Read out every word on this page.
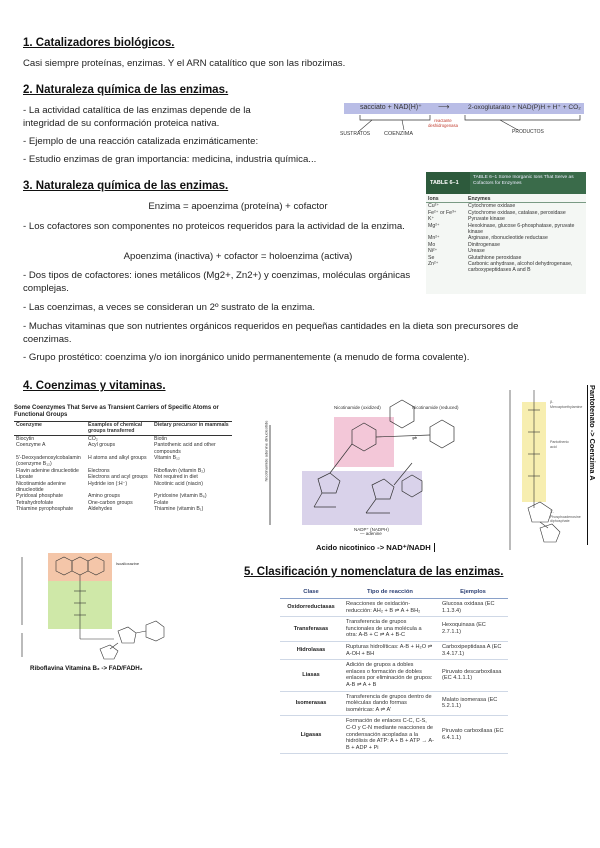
1. Catalizadores biológicos.

Casi siempre proteínas, enzimas. Y el ARN catalítico que son las ribozimas.

2. Naturaleza química de las enzimas.

- La actividad catalítica de las enzimas depende de la

integridad de su conformación proteica nativa.

- Ejemplo de una reacción catalizada enzimáticamente:

- Estudio enzimas de gran importancia: medicina, industria química...

sacciato + NAD(H)⁺ ⟶	2-oxoglutarato + NAD(P)H + H⁺ + CO₂
SUSTRATOS	COENZIMA
reactante deshidrogenasa
PRODUCTOS
TABLE 6–1
TABLE 6–1 Some Inorganic Ions That Serve as Cofactors for Enzymes
Ions	Enzymes
Cu²⁺	Cytochrome oxidase
Fe²⁺ or Fe³⁺	Cytochrome oxidase, catalase, peroxidase
K⁺	Pyruvate kinase
Mg²⁺	Hexokinase, glucose 6-phosphatase, pyruvate kinase
Mn²⁺	Arginase, ribonucleotide reductase
Mo	Dinitrogenase
Ni²⁺	Urease
Se	Glutathione peroxidase
Zn²⁺	Carbonic anhydrase, alcohol dehydrogenase, carboxypeptidases A and B
3. Naturaleza química de las enzimas.

Enzima = apoenzima (proteína) + cofactor

- Los cofactores son componentes no proteicos requeridos para la actividad de la enzima.

Apoenzima (inactiva) + cofactor = holoenzima (activa)

- Dos tipos de cofactores: iones metálicos (Mg2+, Zn2+) y coenzimas, moléculas orgánicas complejas.

- Las coenzimas, a veces se consideran un 2º sustrato de la enzima.

- Muchas vitaminas que son nutrientes orgánicos requeridos en pequeñas cantidades en la dieta son precursores de coenzimas.

- Grupo prostético: coenzima y/o ion inorgánico unido permanentemente (a menudo de forma covalente).

4. Coenzimas y vitaminas.
Some Coenzymes That Serve as Transient Carriers of Specific Atoms or Functional Groups
Coenzyme	Examples of chemical groups transferred	Dietary precursor in mammals
Biocytin	CO₂	Biotin
Coenzyme A	Acyl groups	Pantothenic acid and other compounds
5'-Deoxyadenosylcobalamin (coenzyme B₁₂)	H atoms and alkyl groups	Vitamin B₁₂
Flavin adenine dinucleotide	Electrons	Riboflavin (vitamin B₂)
Lipoate	Electrons and acyl groups	Not required in diet
Nicotinamide adenine dinucleotide	Hydride ion (:H⁻)	Nicotinic acid (niacin)
Pyridoxal phosphate	Amino groups	Pyridoxine (vitamin B₆)
Tetrahydrofolate	One-carbon groups	Folate
Thiamine pyrophosphate	Aldehydes	Thiamine (vitamin B₁)
⇌
— adenine
Nicotinamide (oxidized)	Nicotinamide (reduced)
Nicotinamide adenine dinucleotide
NADP⁺ (NADPH)
Acido nicotinico -> NAD⁺/NADH
β-Mercaptoethylamine
Pantothenic acid
3'-Phosphoadenosine diphosphate
Pantotenato -> Coenzima A
Isoalloxazine
Riboflavina Vitamina B₂ -> FAD/FADH₂
5. Clasificación y nomenclatura de las enzimas.
Clase	Tipo de reacción	Ejemplos
Oxidorreductasas	Reacciones de oxidación-reducción: AH₂ + B ⇌ A + BH₂	Glucosa oxidasa (EC 1.1.3.4)
Transferasas	Transferencia de grupos funcionales de una molécula a otra: A-B + C ⇌ A + B-C	Hexoquinasa (EC 2.7.1.1)
Hidrolasas	Rupturas hidrolíticas: A-B + H₂O ⇌ A-OH + BH	Carboxipeptidasa A (EC 3.4.17.1)
Liasas	Adición de grupos a dobles enlaces o formación de dobles enlaces por eliminación de grupos: A-B ⇌ A + B	Piruvato descarboxilasa (EC 4.1.1.1)
Isomerasas	Transferencia de grupos dentro de moléculas dando formas isoméricas: A ⇌ A'	Malato isomerasa (EC 5.2.1.1)
Ligasas	Formación de enlaces C-C, C-S, C-O y C-N mediante reacciones de condensación acopladas a la hidrólisis de ATP: A + B + ATP → A-B + ADP + Pi	Piruvato carboxilasa (EC 6.4.1.1)
